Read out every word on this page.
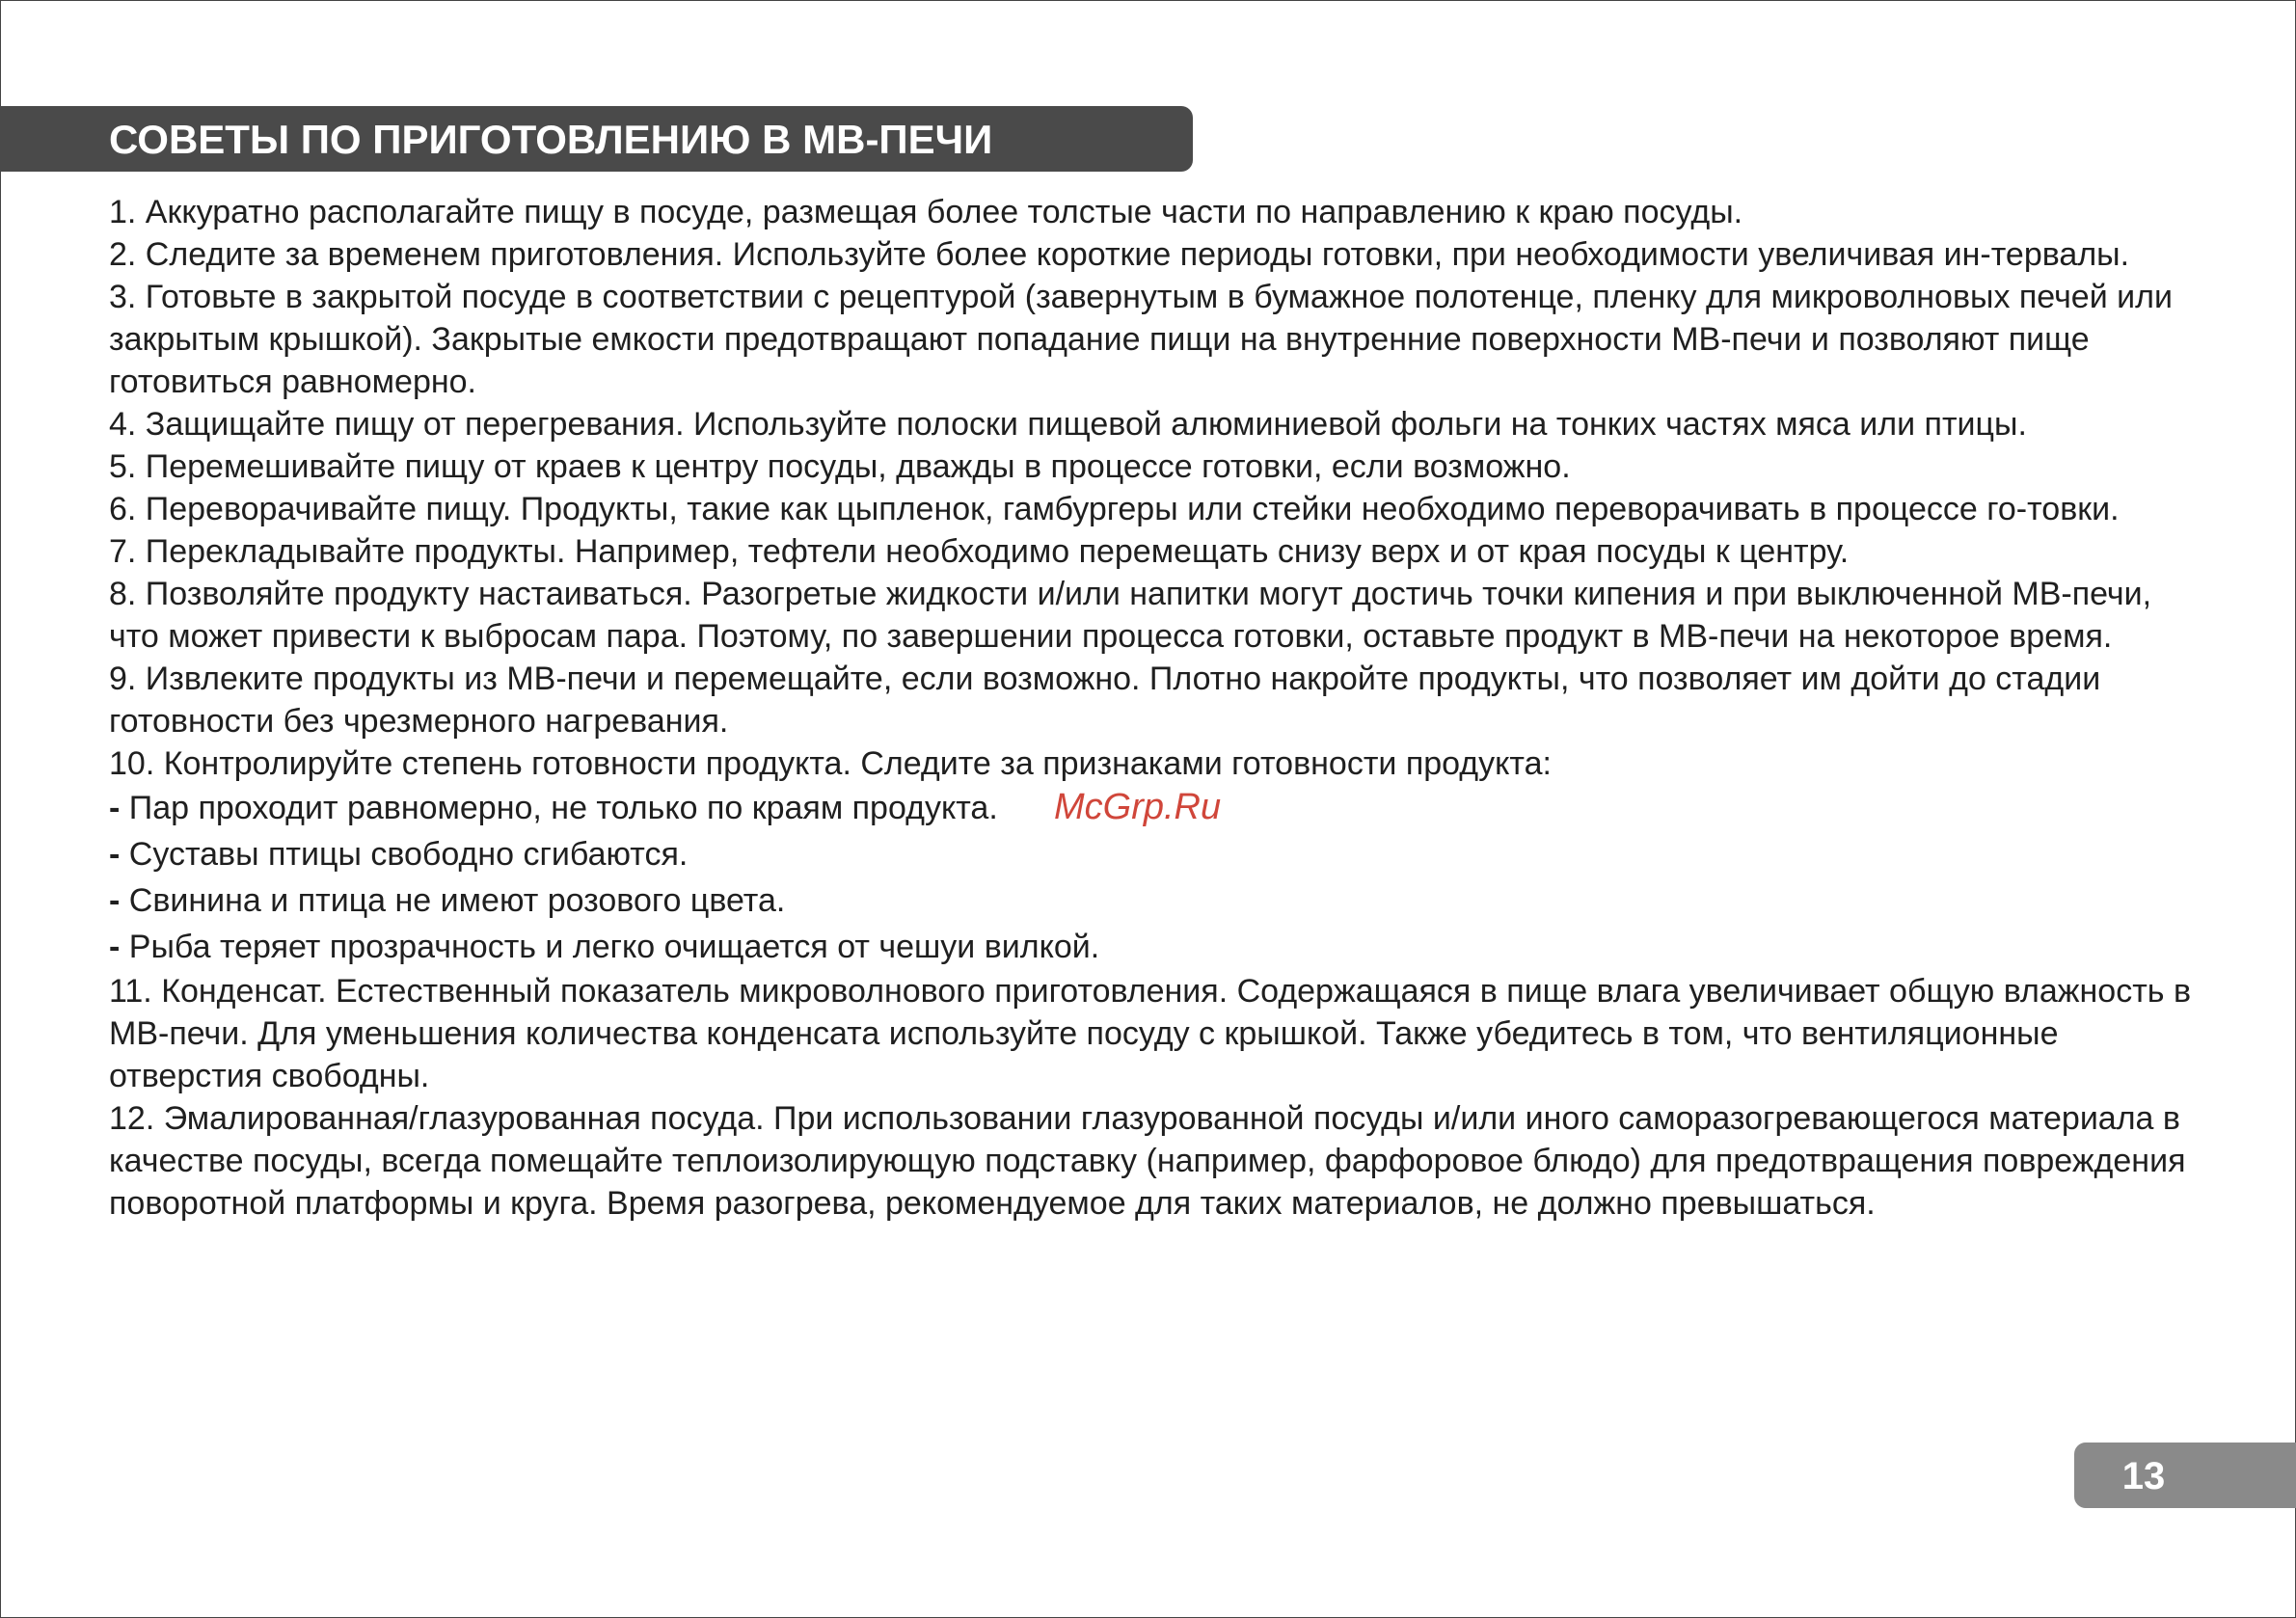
СОВЕТЫ ПО ПРИГОТОВЛЕНИЮ В МВ-ПЕЧИ

1. Аккуратно располагайте пищу в посуде, размещая более толстые части по направлению к краю посуды.

2. Следите за временем приготовления. Используйте более короткие периоды готовки, при необходимости увеличивая ин-тервалы.

3. Готовьте в закрытой посуде в соответствии с рецептурой (завернутым в бумажное полотенце, пленку для микроволновых печей или закрытым крышкой). Закрытые емкости предотвращают попадание пищи на внутренние поверхности МВ-печи и позволяют пище готовиться равномерно.

4. Защищайте пищу от перегревания. Используйте полоски пищевой алюминиевой фольги на тонких частях мяса или птицы.

5. Перемешивайте пищу от краев к центру посуды, дважды в процессе готовки, если возможно.

6. Переворачивайте пищу. Продукты, такие как цыпленок, гамбургеры или стейки необходимо переворачивать в процессе го-товки.

7. Перекладывайте продукты. Например, тефтели необходимо перемещать снизу верх и от края посуды к центру.

8. Позволяйте продукту настаиваться. Разогретые жидкости и/или напитки могут достичь точки кипения и при выключенной МВ-печи, что может привести к выбросам пара. Поэтому, по завершении процесса готовки, оставьте продукт в МВ-печи на некоторое время.

9. Извлеките продукты из МВ-печи и перемещайте, если возможно. Плотно накройте продукты, что позволяет им дойти до стадии готовности без чрезмерного нагревания.

10. Контролируйте степень готовности продукта. Следите за признаками готовности продукта:

- Пар проходит равномерно, не только по краям продукта.

- Суставы птицы свободно сгибаются.

- Свинина и птица не имеют розового цвета.

- Рыба теряет прозрачность и легко очищается от чешуи вилкой.

11. Конденсат. Естественный показатель микроволнового приготовления. Содержащаяся в пище влага увеличивает общую влажность в МВ-печи. Для уменьшения количества конденсата используйте посуду с крышкой. Также убедитесь в том, что вентиляционные отверстия свободны.

12. Эмалированная/глазурованная посуда. При использовании глазурованной посуды и/или иного саморазогревающегося материала в качестве посуды, всегда помещайте теплоизолирующую подставку (например, фарфоровое блюдо) для предотвращения повреждения поворотной платформы и круга. Время разогрева, рекомендуемое для таких материалов, не должно превышаться.

McGrp.Ru
13
